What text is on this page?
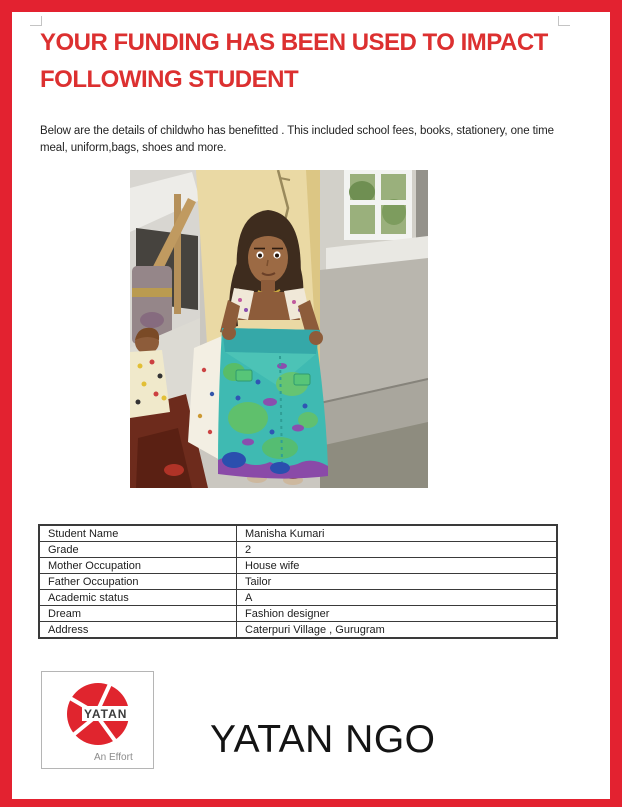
YOUR FUNDING HAS BEEN USED TO IMPACT
FOLLOWING STUDENT
Below are the details of childwho has benefitted . This included school fees, books, stationery, one time meal, uniform,bags, shoes and more.
Student Name	Manisha Kumari
Grade	2
Mother Occupation	House wife
Father Occupation	Tailor
Academic status	A
Dream	Fashion designer
Address	Caterpuri Village , Gurugram
YATAN
An Effort YATAN NGO
